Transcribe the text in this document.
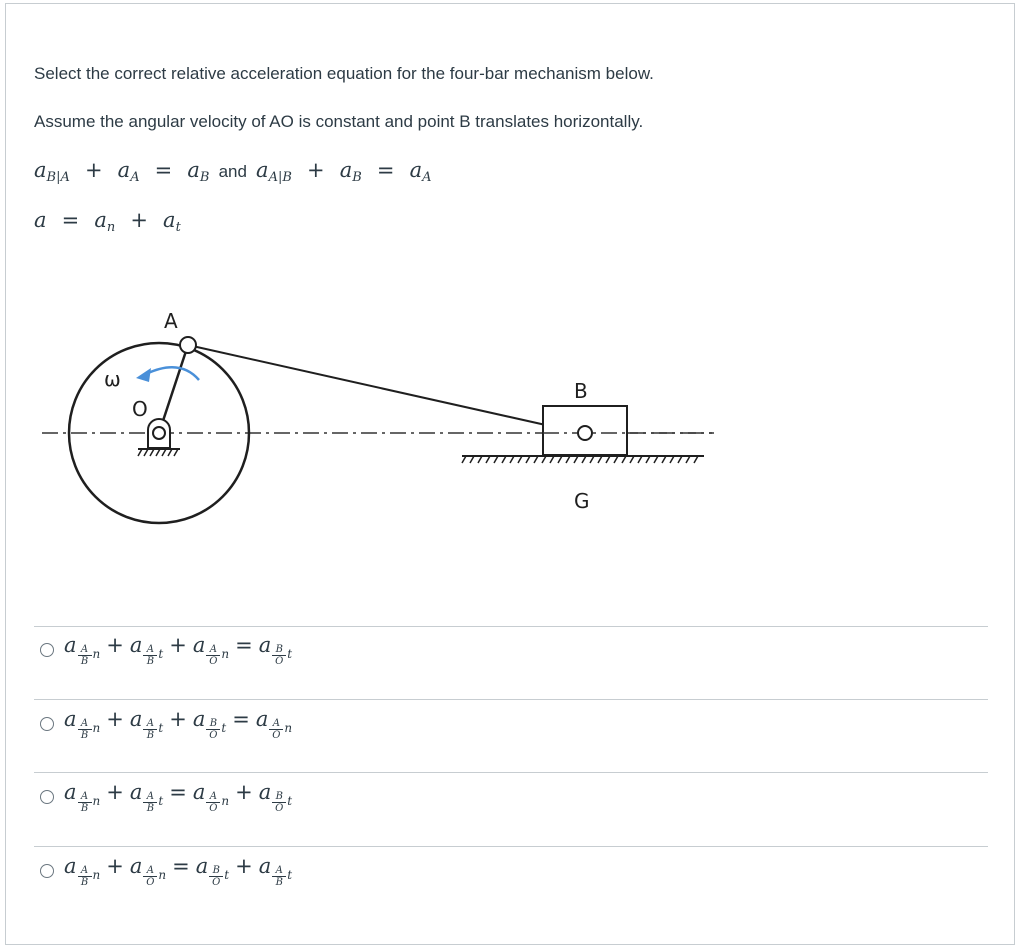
Select the correct relative acceleration equation for the four-bar mechanism below.
Assume the angular velocity of AO is constant and point B translates horizontally.
$a_{B|A} + a_A = a_B$ and $a_{A|B} + a_B = a_A$
$a = a_n + a_t$
A
O
ω	B
G
a $\frac{A}{B} _n + a \frac{A}{B} _t + a \frac{A}{O} _n = a \frac{B}{O} _t$
a $\frac{A}{B} _n + a \frac{A}{B} _t + a \frac{B}{O} _t = a \frac{A}{O} _n$
a $\frac{A}{B} _n + a \frac{A}{B} _t = a \frac{A}{O} _n + a \frac{B}{O} _t$
a $\frac{A}{B} _n + a \frac{A}{O} _n = a \frac{B}{O} _t + a \frac{A}{B} _t$
